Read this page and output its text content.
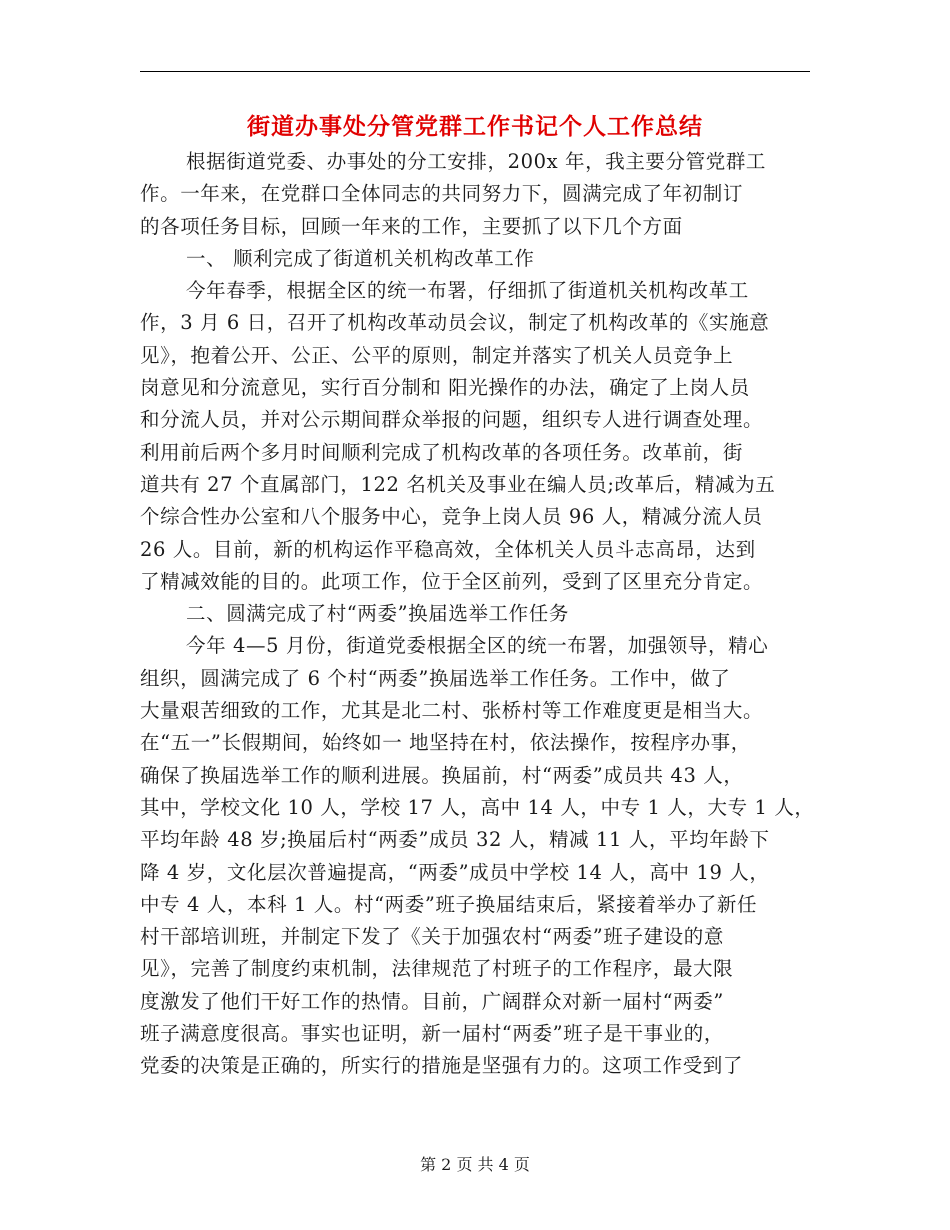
街道办事处分管党群工作书记个人工作总结
根据街道党委、办事处的分工安排，200x 年，我主要分管党群工
作。一年来，在党群口全体同志的共同努力下，圆满完成了年初制订
的各项任务目标，回顾一年来的工作，主要抓了以下几个方面
一、 顺利完成了街道机关机构改革工作
今年春季，根据全区的统一布署，仔细抓了街道机关机构改革工
作，3 月 6 日，召开了机构改革动员会议，制定了机构改革的《实施意
见》，抱着公开、公正、公平的原则，制定并落实了机关人员竞争上
岗意见和分流意见，实行百分制和 阳光操作的办法，确定了上岗人员
和分流人员，并对公示期间群众举报的问题，组织专人进行调查处理。
利用前后两个多月时间顺利完成了机构改革的各项任务。改革前，街
道共有 27 个直属部门，122 名机关及事业在编人员;改革后，精减为五
个综合性办公室和八个服务中心，竞争上岗人员 96 人，精减分流人员
26 人。目前，新的机构运作平稳高效，全体机关人员斗志高昂，达到
了精减效能的目的。此项工作，位于全区前列，受到了区里充分肯定。
二、圆满完成了村“两委”换届选举工作任务
今年 4—5 月份，街道党委根据全区的统一布署，加强领导，精心
组织，圆满完成了 6 个村“两委”换届选举工作任务。工作中，做了
大量艰苦细致的工作，尤其是北二村、张桥村等工作难度更是相当大。
在“五一”长假期间，始终如一 地坚持在村，依法操作，按程序办事，
确保了换届选举工作的顺利进展。换届前，村“两委”成员共 43 人，
其中，学校文化 10 人，学校 17 人，高中 14 人，中专 1 人，大专 1 人，
平均年龄 48 岁;换届后村“两委”成员 32 人，精减 11 人，平均年龄下
降 4 岁，文化层次普遍提高，“两委”成员中学校 14 人，高中 19 人，
中专 4 人，本科 1 人。村“两委”班子换届结束后，紧接着举办了新任
村干部培训班，并制定下发了《关于加强农村“两委”班子建设的意
见》，完善了制度约束机制，法律规范了村班子的工作程序，最大限
度激发了他们干好工作的热情。目前，广阔群众对新一届村“两委”
班子满意度很高。事实也证明，新一届村“两委”班子是干事业的，
党委的决策是正确的，所实行的措施是坚强有力的。这项工作受到了
第 2 页 共 4 页
